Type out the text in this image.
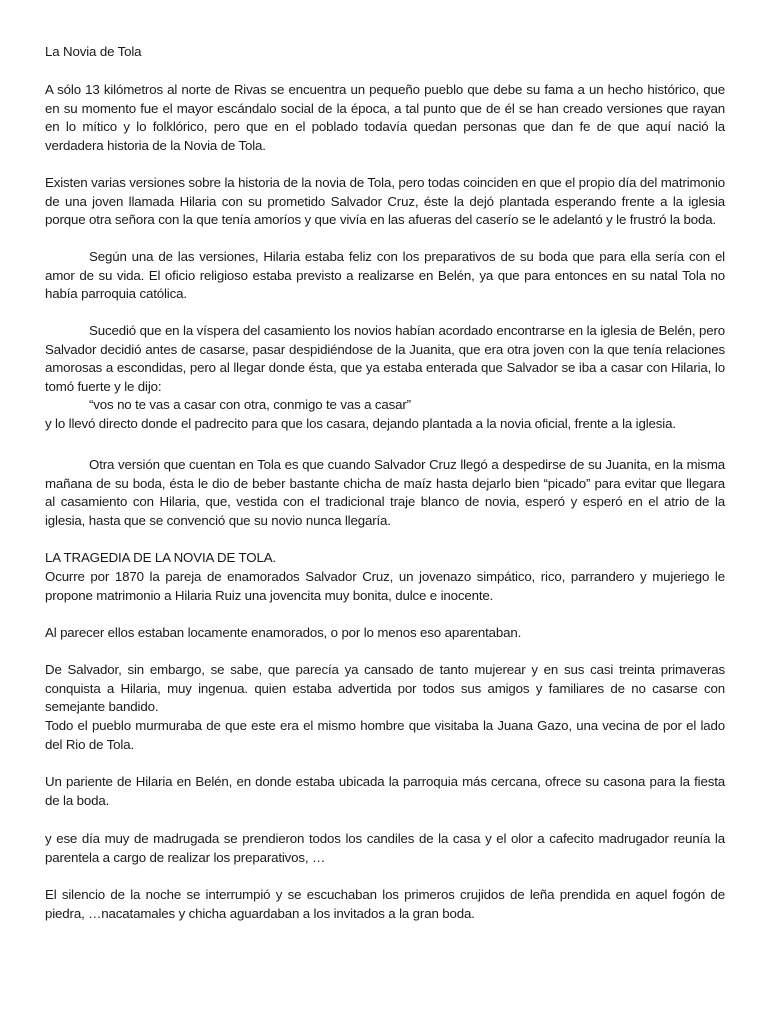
La Novia de Tola

A sólo 13 kilómetros al norte de Rivas se encuentra un pequeño pueblo que debe su fama a un hecho histórico, que en su momento fue el mayor escándalo social de la época, a tal punto que de él se han creado versiones que rayan en lo mítico y lo folklórico, pero que en el poblado todavía quedan personas que dan fe de que aquí nació la verdadera historia de la Novia de Tola.

Existen varias versiones sobre la historia de la novia de Tola, pero todas coinciden en que el propio día del matrimonio de una joven llamada Hilaria con su prometido Salvador Cruz, éste la dejó plantada esperando frente a la iglesia porque otra señora con la que tenía amoríos y que vivía en las afueras del caserío se le adelantó y le frustró la boda.

Según una de las versiones, Hilaria estaba feliz con los preparativos de su boda que para ella sería con el amor de su vida. El oficio religioso estaba previsto a realizarse en Belén, ya que para entonces en su natal Tola no había parroquia católica.

Sucedió que en la víspera del casamiento los novios habían acordado encontrarse en la iglesia de Belén, pero Salvador decidió antes de casarse, pasar despidiéndose de la Juanita, que era otra joven con la que tenía relaciones amorosas a escondidas, pero al llegar donde ésta, que ya estaba enterada que Salvador se iba a casar con Hilaria, lo tomó fuerte y le dijo:
“vos no te vas a casar con otra, conmigo te vas a casar”
y lo llevó directo donde el padrecito para que los casara, dejando plantada a la novia oficial, frente a la iglesia.

Otra versión que cuentan en Tola es que cuando Salvador Cruz llegó a despedirse de su Juanita, en la misma mañana de su boda, ésta le dio de beber bastante chicha de maíz hasta dejarlo bien “picado” para evitar que llegara al casamiento con Hilaria, que, vestida con el tradicional traje blanco de novia, esperó y esperó en el atrio de la iglesia, hasta que se convenció que su novio nunca llegaría.

LA TRAGEDIA DE LA NOVIA DE TOLA.

Ocurre por 1870 la pareja de enamorados Salvador Cruz, un jovenazo simpático, rico, parrandero y mujeriego le propone matrimonio a Hilaria Ruiz una jovencita muy bonita, dulce e inocente.

Al parecer ellos estaban locamente enamorados, o por lo menos eso aparentaban.

De Salvador, sin embargo, se sabe, que parecía ya cansado de tanto mujerear y en sus casi treinta primaveras conquista a Hilaria, muy ingenua. quien estaba advertida por todos sus amigos y familiares de no casarse con semejante bandido.

Todo el pueblo murmuraba de que este era el mismo hombre que visitaba la Juana Gazo, una vecina de por el lado del Rio de Tola.

Un pariente de Hilaria en Belén, en donde estaba ubicada la parroquia más cercana, ofrece su casona para la fiesta de la boda.

y ese día muy de madrugada se prendieron todos los candiles de la casa y el olor a cafecito madrugador reunía la parentela a cargo de realizar los preparativos, …

El silencio de la noche se interrumpió y se escuchaban los primeros crujidos de leña prendida en aquel fogón de piedra, …nacatamales y chicha aguardaban a los invitados a la gran boda.
